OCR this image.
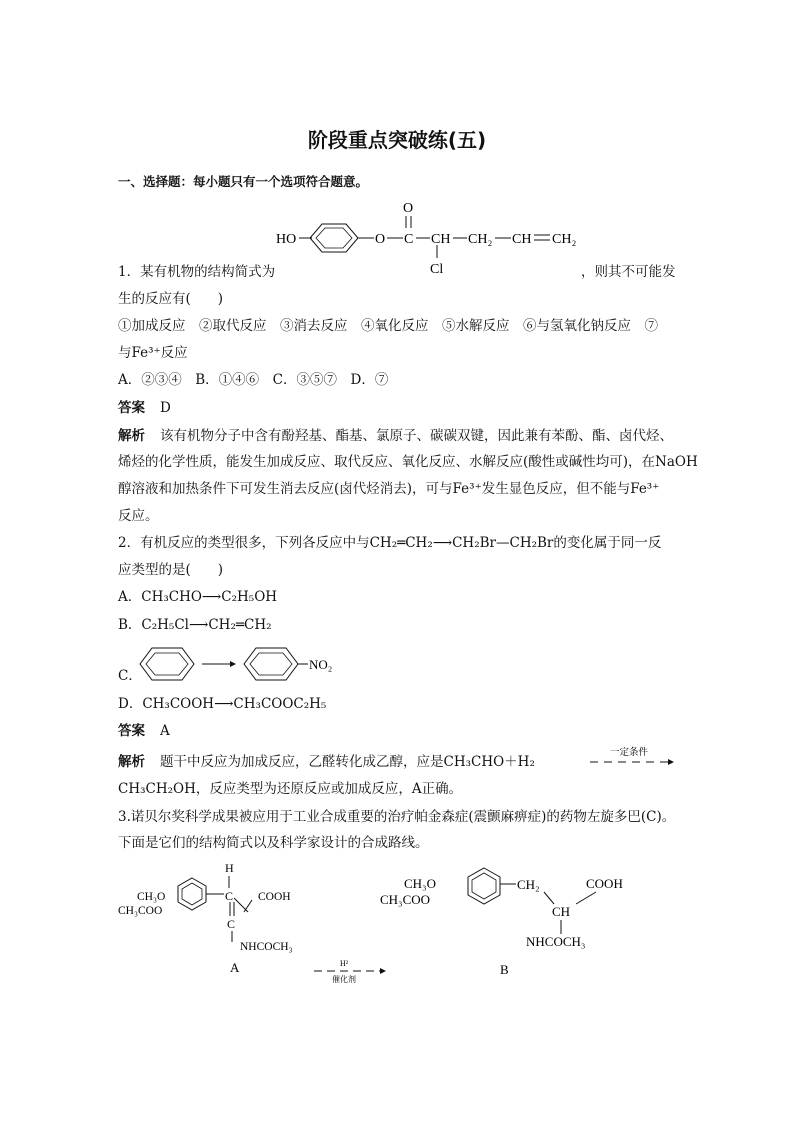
阶段重点突破练(五)
一、选择题：每小题只有一个选项符合题意。
HO	O
O
C CH
Cl
CH₂ CH CH₂
1．某有机物的结构简式为	，则其不可能发
生的反应有(　　)
①加成反应　②取代反应　③消去反应　④氧化反应　⑤水解反应　⑥与氢氧化钠反应　⑦
与Fe³⁺反应
A．②③④　B．①④⑥　C．③⑤⑦　D．⑦
答案 D
解析 该有机物分子中含有酚羟基、酯基、氯原子、碳碳双键，因此兼有苯酚、酯、卤代烃、
烯烃的化学性质，能发生加成反应、取代反应、氧化反应、水解反应(酸性或碱性均可)，在NaOH
醇溶液和加热条件下可发生消去反应(卤代烃消去)，可与Fe³⁺发生显色反应，但不能与Fe³⁺
反应。
2．有机反应的类型很多，下列各反应中与CH₂═CH₂⟶CH₂Br—CH₂Br的变化属于同一反
应类型的是(　　)
A．CH₃CHO⟶C₂H₅OH
B．C₂H₅Cl⟶CH₂═CH₂
C．
NO₂
D．CH₃COOH⟶CH₃COOC₂H₅
答案 A
解析 题干中反应为加成反应，乙醛转化成乙醇，应是CH₃CHO＋H₂
一定条件
CH₃CH₂OH，反应类型为还原反应或加成反应，A正确。
3.诺贝尔奖科学成果被应用于工业合成重要的治疗帕金森症(震颤麻痹症)的药物左旋多巴(C)。
下面是它们的结构简式以及科学家设计的合成路线。
H
CH₃O
CH₃COO
C COOH
C
NHCOCH₃
A	H²
催化剂
CH₃O
CH₃COO
CH₂	COOH
CH
NHCOCH₃
B
